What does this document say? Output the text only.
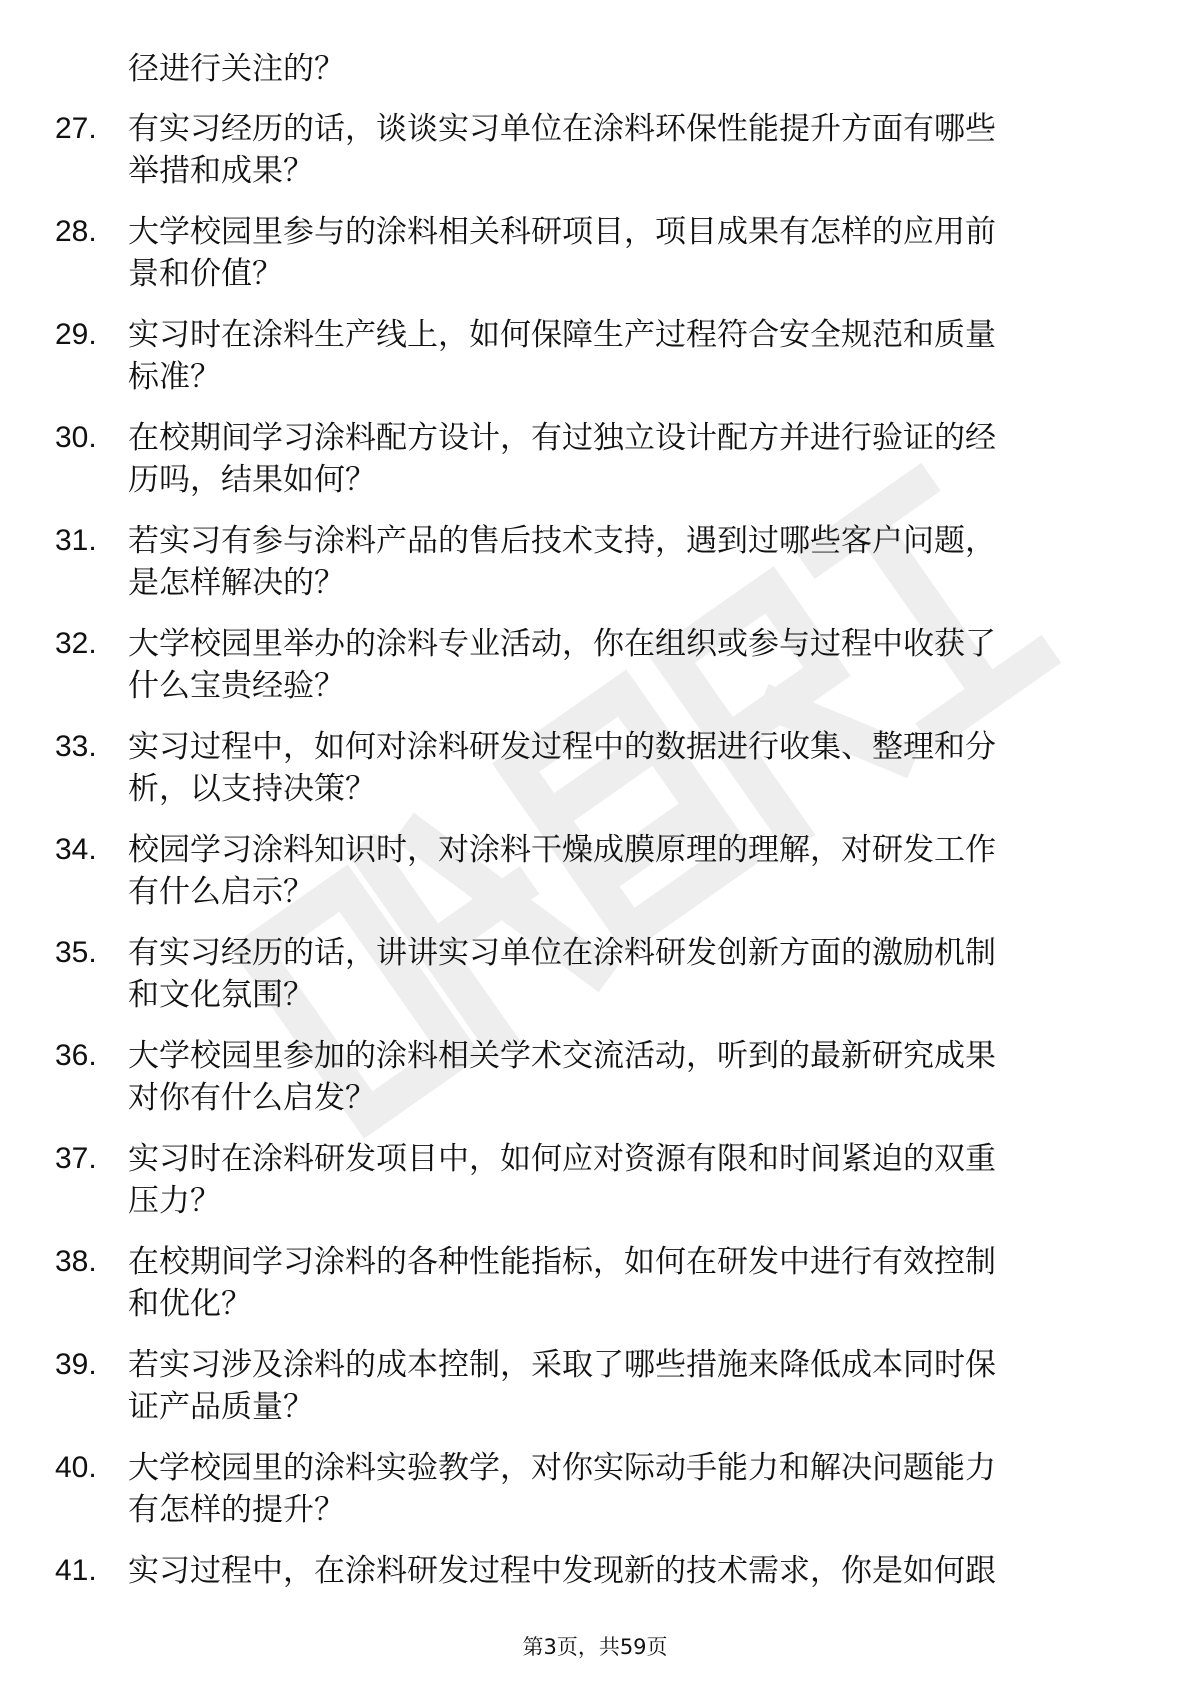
径进行关注的？
27. 有实习经历的话，谈谈实习单位在涂料环保性能提升方面有哪些
举措和成果？
28. 大学校园里参与的涂料相关科研项目，项目成果有怎样的应用前
景和价值？
29. 实习时在涂料生产线上，如何保障生产过程符合安全规范和质量
标准？
30. 在校期间学习涂料配方设计，有过独立设计配方并进行验证的经
历吗，结果如何？
31. 若实习有参与涂料产品的售后技术支持，遇到过哪些客户问题，
是怎样解决的？
32. 大学校园里举办的涂料专业活动，你在组织或参与过程中收获了
什么宝贵经验？
33. 实习过程中，如何对涂料研发过程中的数据进行收集、整理和分
析，以支持决策？
34. 校园学习涂料知识时，对涂料干燥成膜原理的理解，对研发工作
有什么启示？
35. 有实习经历的话，讲讲实习单位在涂料研发创新方面的激励机制
和文化氛围？
36. 大学校园里参加的涂料相关学术交流活动，听到的最新研究成果
对你有什么启发？
37. 实习时在涂料研发项目中，如何应对资源有限和时间紧迫的双重
压力？
38. 在校期间学习涂料的各种性能指标，如何在研发中进行有效控制
和优化？
39. 若实习涉及涂料的成本控制，采取了哪些措施来降低成本同时保
证产品质量？
40. 大学校园里的涂料实验教学，对你实际动手能力和解决问题能力
有怎样的提升？
41. 实习过程中，在涂料研发过程中发现新的技术需求，你是如何跟
第3页，共59页
